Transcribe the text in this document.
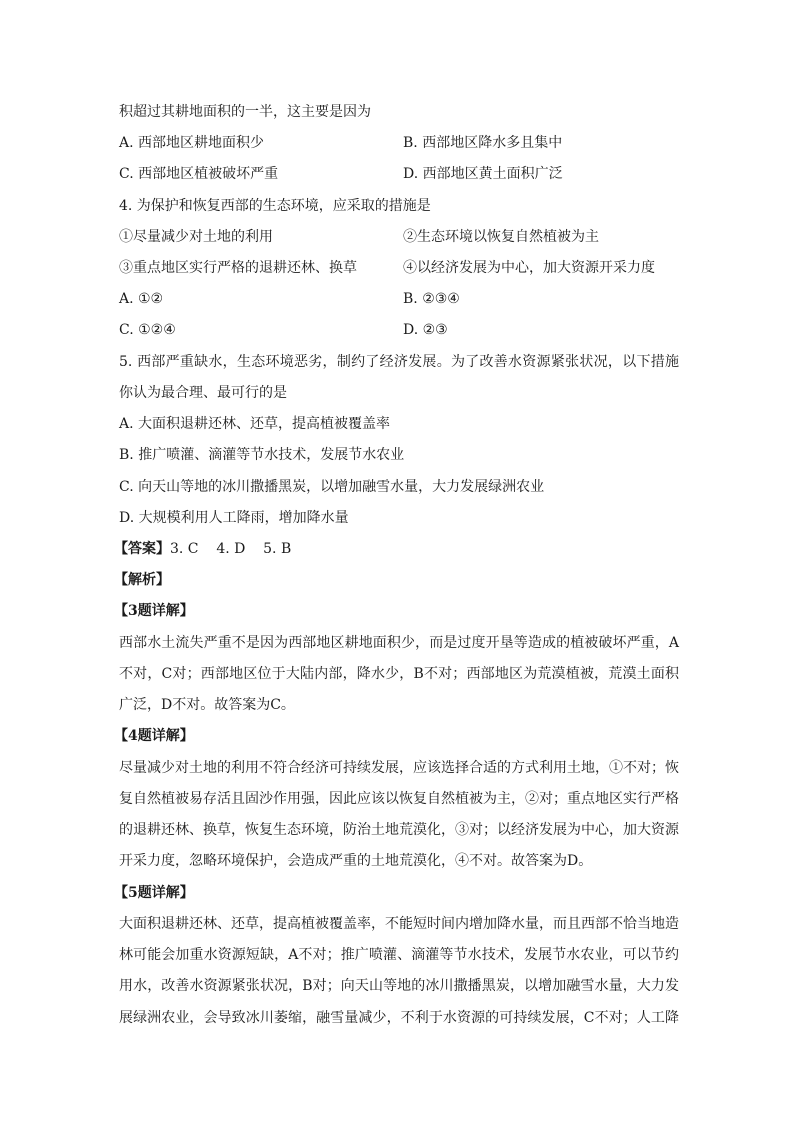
积超过其耕地面积的一半，这主要是因为
A. 西部地区耕地面积少	B. 西部地区降水多且集中
C. 西部地区植被破坏严重	D. 西部地区黄土面积广泛
4. 为保护和恢复西部的生态环境，应采取的措施是
①尽量减少对土地的利用	②生态环境以恢复自然植被为主
③重点地区实行严格的退耕还林、换草	④以经济发展为中心，加大资源开采力度
A. ①②	B. ②③④
C. ①②④	D. ②③
5. 西部严重缺水，生态环境恶劣，制约了经济发展。为了改善水资源紧张状况，以下措施
你认为最合理、最可行的是
A. 大面积退耕还林、还草，提高植被覆盖率
B. 推广喷灌、滴灌等节水技术，发展节水农业
C. 向天山等地的冰川撒播黑炭，以增加融雪水量，大力发展绿洲农业
D. 大规模利用人工降雨，增加降水量
【答案】3. C    4. D    5. B
【解析】
【3题详解】
西部水土流失严重不是因为西部地区耕地面积少，而是过度开垦等造成的植被破坏严重，A
不对，C对；西部地区位于大陆内部，降水少，B不对；西部地区为荒漠植被，荒漠土面积
广泛，D不对。故答案为C。
【4题详解】
尽量减少对土地的利用不符合经济可持续发展，应该选择合适的方式利用土地，①不对；恢
复自然植被易存活且固沙作用强，因此应该以恢复自然植被为主，②对；重点地区实行严格
的退耕还林、换草，恢复生态环境，防治土地荒漠化，③对；以经济发展为中心，加大资源
开采力度，忽略环境保护，会造成严重的土地荒漠化，④不对。故答案为D。
【5题详解】
大面积退耕还林、还草，提高植被覆盖率，不能短时间内增加降水量，而且西部不恰当地造
林可能会加重水资源短缺，A不对；推广喷灌、滴灌等节水技术，发展节水农业，可以节约
用水，改善水资源紧张状况，B对；向天山等地的冰川撒播黑炭，以增加融雪水量，大力发
展绿洲农业，会导致冰川萎缩，融雪量减少，不利于水资源的可持续发展，C不对；人工降
